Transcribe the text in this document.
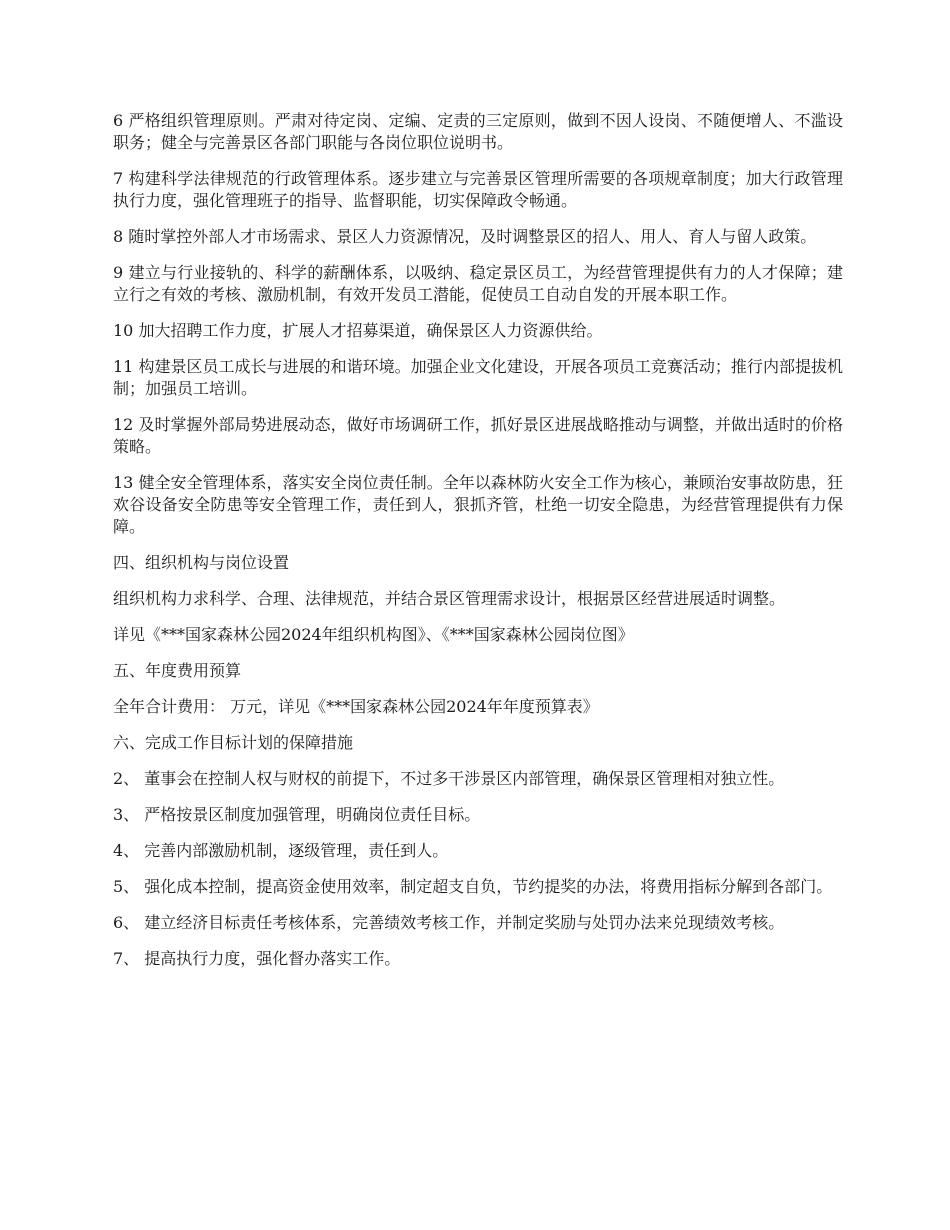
6 严格组织管理原则。严肃对待定岗、定编、定责的三定原则，做到不因人设岗、不随便增人、不滥设职务；健全与完善景区各部门职能与各岗位职位说明书。

7 构建科学法律规范的行政管理体系。逐步建立与完善景区管理所需要的各项规章制度；加大行政管理执行力度，强化管理班子的指导、监督职能，切实保障政令畅通。

8 随时掌控外部人才市场需求、景区人力资源情况，及时调整景区的招人、用人、育人与留人政策。

9 建立与行业接轨的、科学的薪酬体系，以吸纳、稳定景区员工，为经营管理提供有力的人才保障；建立行之有效的考核、激励机制，有效开发员工潜能，促使员工自动自发的开展本职工作。

10 加大招聘工作力度，扩展人才招募渠道，确保景区人力资源供给。

11 构建景区员工成长与进展的和谐环境。加强企业文化建设，开展各项员工竞赛活动；推行内部提拔机制；加强员工培训。

12 及时掌握外部局势进展动态，做好市场调研工作，抓好景区进展战略推动与调整，并做出适时的价格策略。

13 健全安全管理体系，落实安全岗位责任制。全年以森林防火安全工作为核心，兼顾治安事故防患，狂欢谷设备安全防患等安全管理工作，责任到人，狠抓齐管，杜绝一切安全隐患，为经营管理提供有力保障。

四、组织机构与岗位设置

组织机构力求科学、合理、法律规范，并结合景区管理需求设计，根据景区经营进展适时调整。

详见《***国家森林公园2024年组织机构图》、《***国家森林公园岗位图》

五、年度费用预算

全年合计费用： 万元，详见《***国家森林公园2024年年度预算表》

六、完成工作目标计划的保障措施

2、 董事会在控制人权与财权的前提下，不过多干涉景区内部管理，确保景区管理相对独立性。

3、 严格按景区制度加强管理，明确岗位责任目标。

4、 完善内部激励机制，逐级管理，责任到人。

5、 强化成本控制，提高资金使用效率，制定超支自负，节约提奖的办法，将费用指标分解到各部门。

6、 建立经济目标责任考核体系，完善绩效考核工作，并制定奖励与处罚办法来兑现绩效考核。

7、 提高执行力度，强化督办落实工作。
